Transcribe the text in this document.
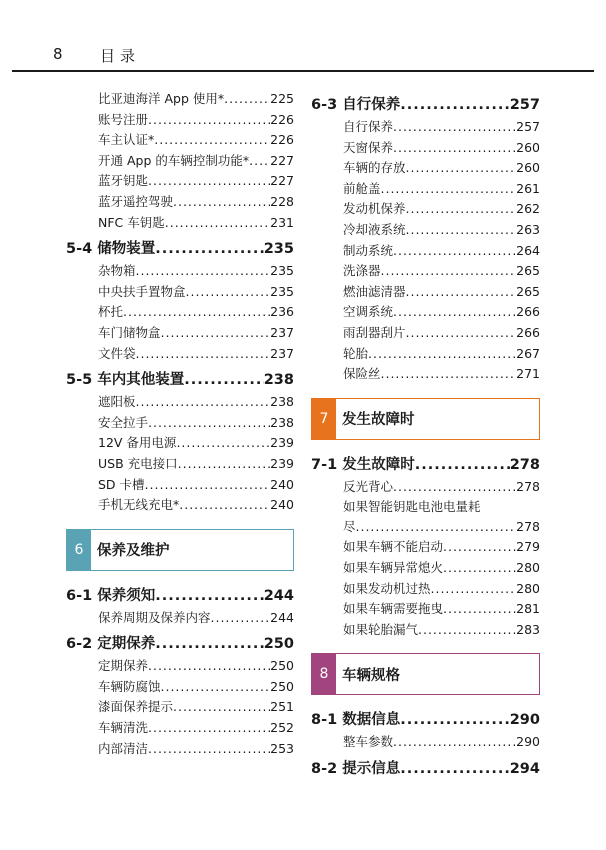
8 目录
比亚迪海洋 App 使用* .....	225
账号注册 .....	226
车主认证* .....	226
开通 App 的车辆控制功能* ..... 227
蓝牙钥匙 .....	227
蓝牙遥控驾驶 .....	228
NFC 车钥匙 .....	231
5-4 储物装置 .....	235
杂物箱 .....	235
中央扶手置物盒 .....	235
杯托 .....	236
车门储物盒 .....	237
文件袋 .....	237
5-5 车内其他装置 .....	238
遮阳板 .....	238
安全拉手 .....	238
12V 备用电源 .....	239
USB 充电接口 .....	239
SD 卡槽 .....	240
手机无线充电* .....	240
6 保养及维护
6-1 保养须知 .....	244
保养周期及保养内容 .....	244
6-2 定期保养 .....	250
定期保养 .....	250
车辆防腐蚀 .....	250
漆面保养提示 .....	251
车辆清洗 .....	252
内部清洁 .....	253
6-3 自行保养 .....	257
自行保养 .....	257
天窗保养 .....	260
车辆的存放 .....	260
前舱盖 .....	261
发动机保养 .....	262
冷却液系统 .....	263
制动系统 .....	264
洗涤器 .....	265
燃油滤清器 .....	265
空调系统 .....	266
雨刮器刮片 .....	266
轮胎 .....	267
保险丝 .....	271
7 发生故障时
7-1 发生故障时 .....	278
反光背心 .....	278
如果智能钥匙电池电量耗
尽 .....	278
如果车辆不能启动 .....	279
如果车辆异常熄火 .....	280
如果发动机过热 .....	280
如果车辆需要拖曳 .....	281
如果轮胎漏气 .....	283
8 车辆规格
8-1 数据信息 .....	290
整车参数 .....	290
8-2 提示信息 .....	294
